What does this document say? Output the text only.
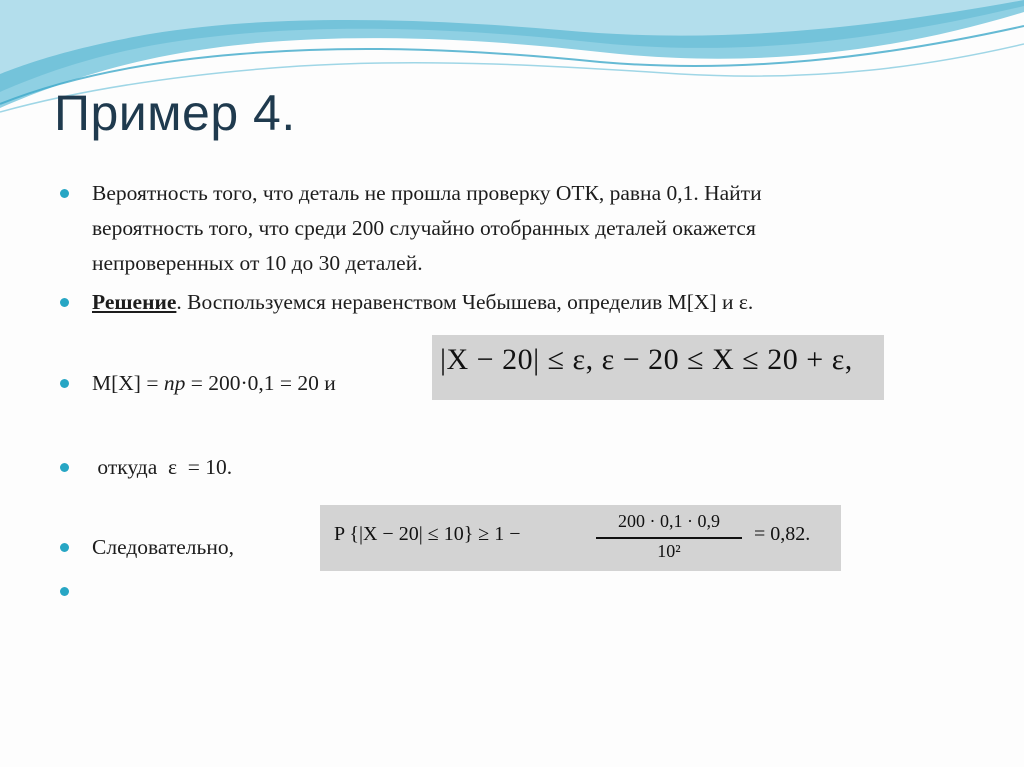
Пример 4.
Вероятность того, что деталь не прошла проверку ОТК, равна 0,1. Найти
вероятность того, что среди 200 случайно отобранных деталей окажется
непроверенных от 10 до 30 деталей.
Решение. Воспользуемся неравенством Чебышева, определив M[X] и ε.
M[X] = np = 200·0,1 = 20 и
откуда  ε  = 10.
Следовательно,
|X − 20| ≤ ε, ε − 20 ≤ X ≤ 20 + ε,
P {|X − 20| ≤ 10} ≥ 1 −
200 · 0,1 · 0,9
10²
= 0,82.
